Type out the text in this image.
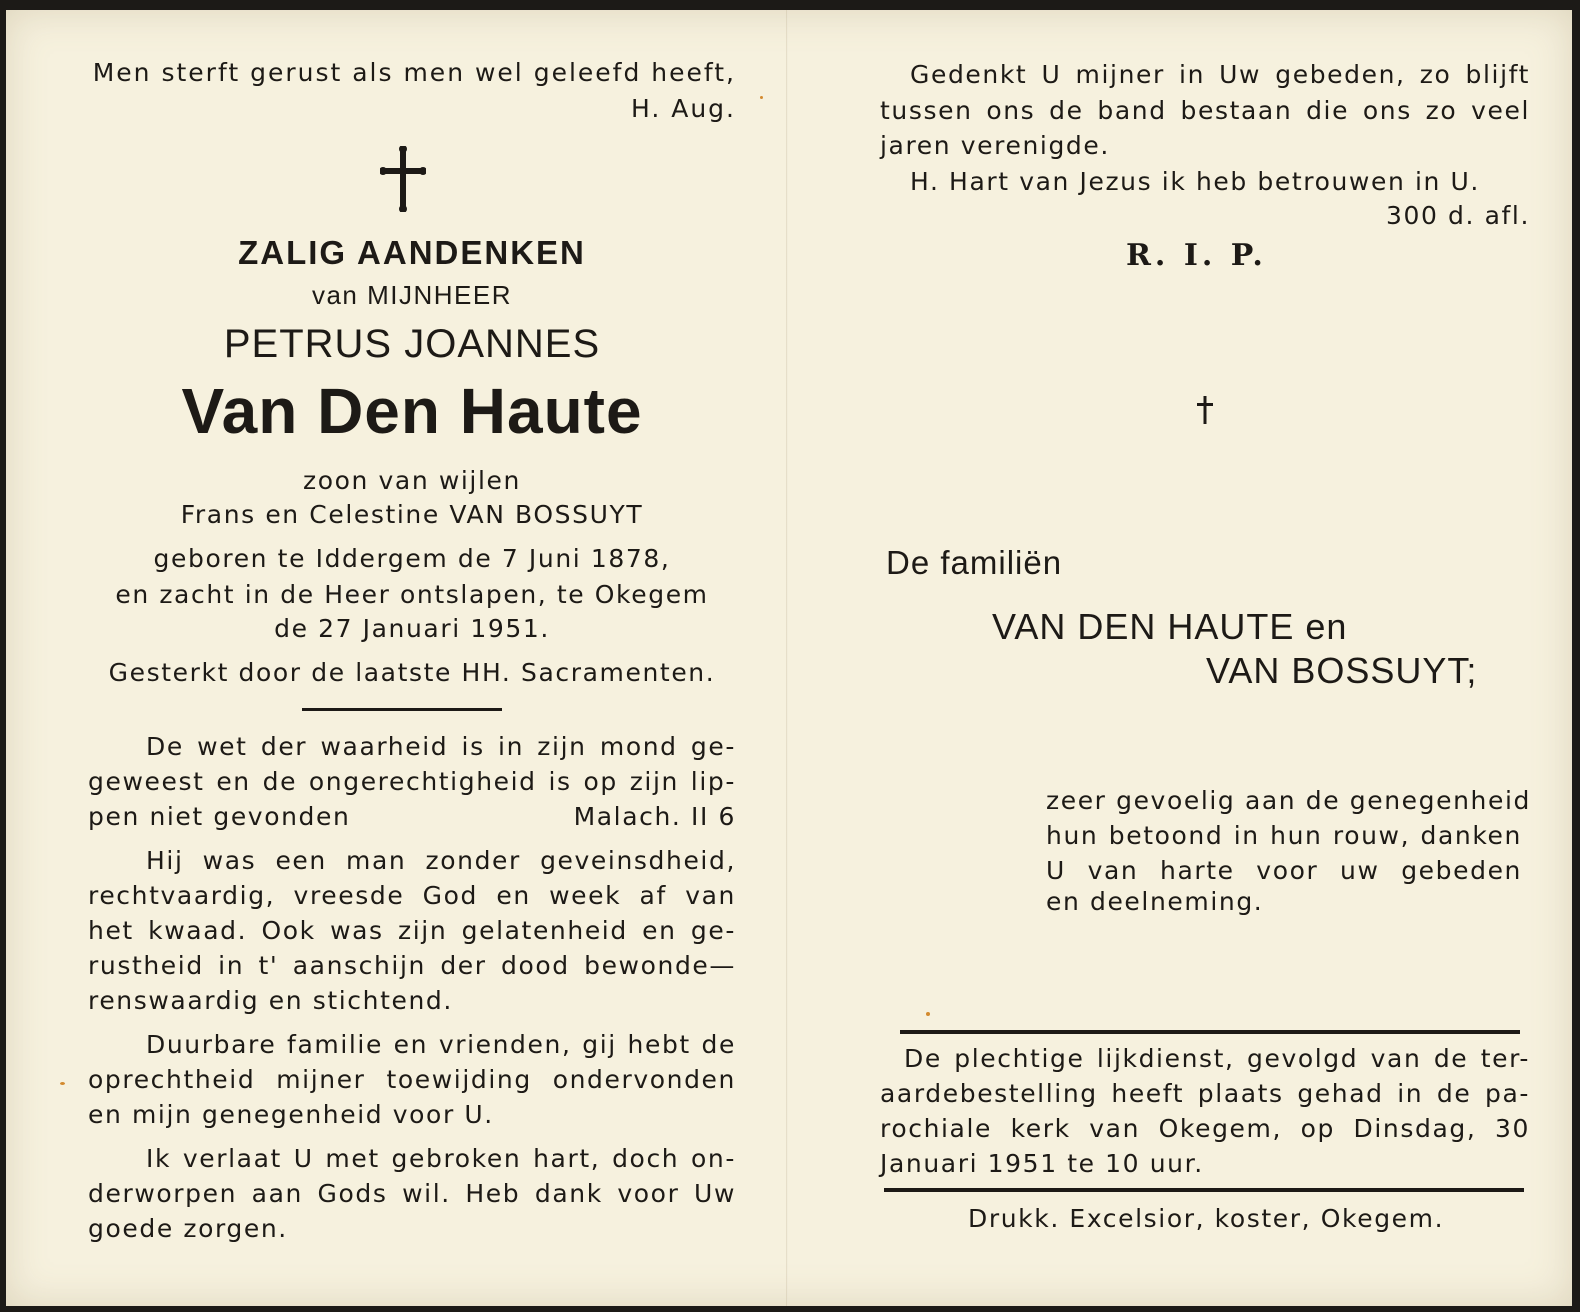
Men sterft gerust als men wel geleefd heeft,

H. Aug.

ZALIG AANDENKEN

van MIJNHEER

PETRUS JOANNES

Van Den Haute

zoon van wijlen

Frans en Celestine VAN BOSSUYT

geboren te Iddergem de 7 Juni 1878,

en zacht in de Heer ontslapen, te Okegem

de 27 Januari 1951.

Gesterkt door de laatste HH. Sacramenten.

De wet der waarheid is in zijn mond ge-

geweest en de ongerechtigheid is op zijn lip-

pen niet gevonden	Malach. II 6

Hij was een man zonder geveinsdheid,

rechtvaardig, vreesde God en week af van

het kwaad. Ook was zijn gelatenheid en ge-

rustheid in t' aanschijn der dood bewonde—

renswaardig en stichtend.

Duurbare familie en vrienden, gij hebt de

oprechtheid mijner toewijding ondervonden

en mijn genegenheid voor U.

Ik verlaat U met gebroken hart, doch on-

derworpen aan Gods wil. Heb dank voor Uw

goede zorgen.

Gedenkt U mijner in Uw gebeden, zo blijft

tussen ons de band bestaan die ons zo veel

jaren verenigde.

H. Hart van Jezus ik heb betrouwen in U.

300 d. afl.

R. I. P.

De familiën

VAN DEN HAUTE en

VAN BOSSUYT;

zeer gevoelig aan de genegenheid

hun betoond in hun rouw, danken

U van harte voor uw gebeden

en deelneming.

De plechtige lijkdienst, gevolgd van de ter-

aardebestelling heeft plaats gehad in de pa-

rochiale kerk van Okegem, op Dinsdag, 30

Januari 1951 te 10 uur.

Drukk. Excelsior, koster, Okegem.
